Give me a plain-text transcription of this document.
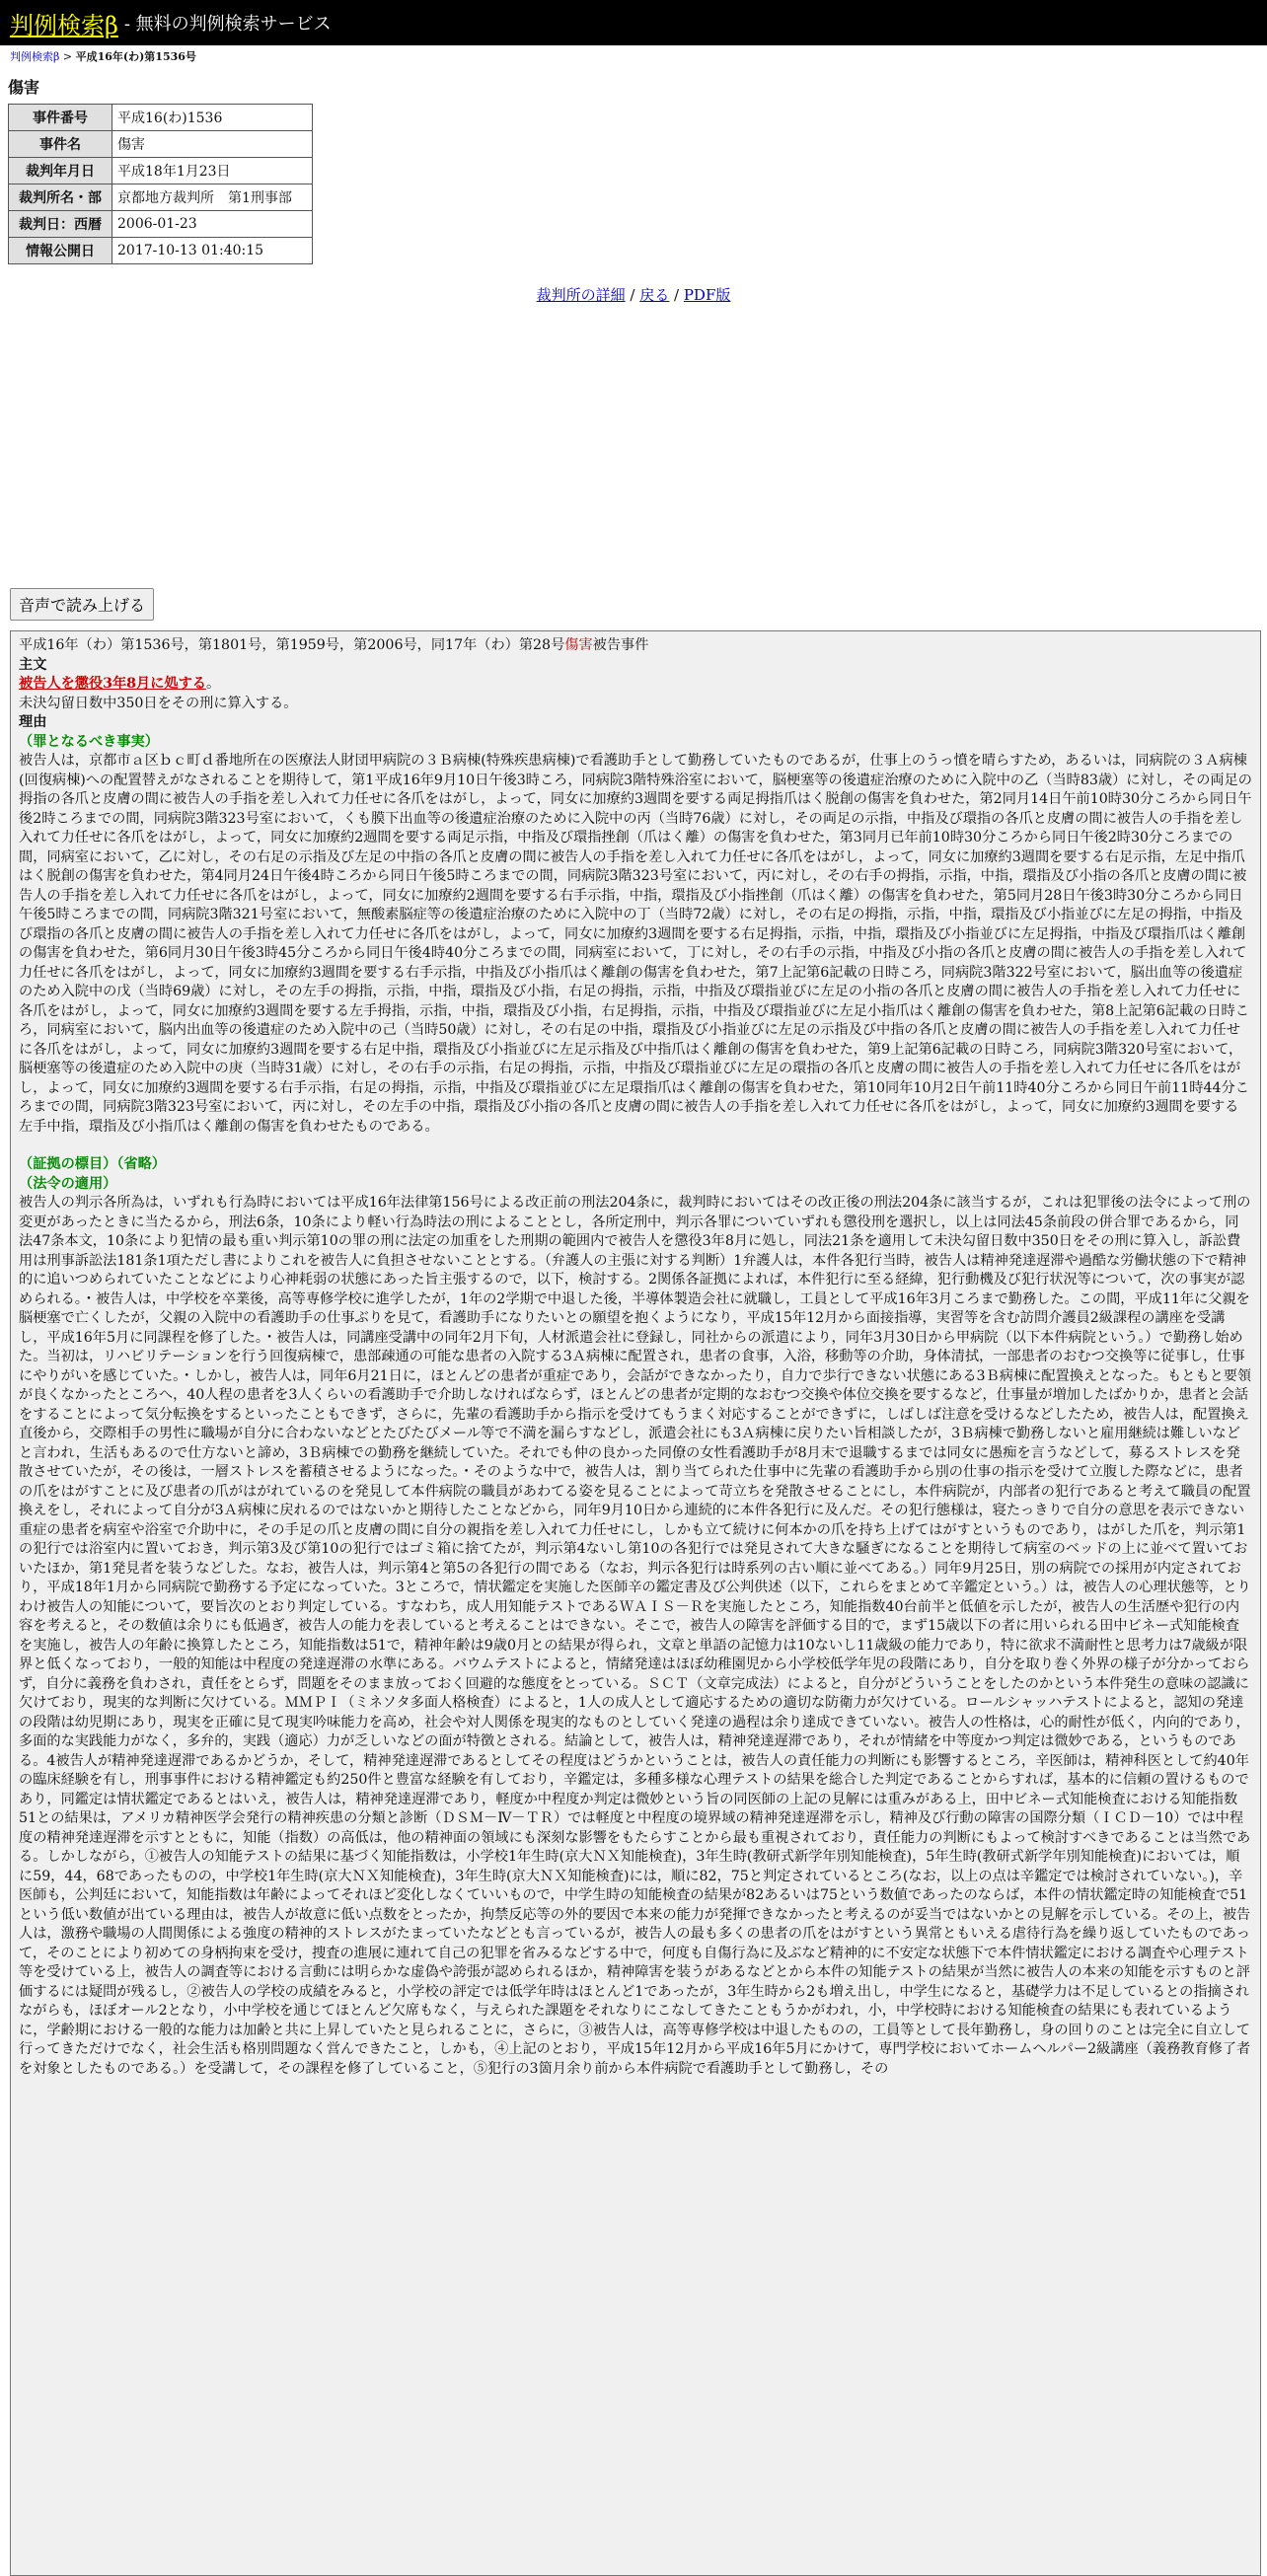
判例検索β - 無料の判例検索サービス
判例検索β > 平成16年(わ)第1536号
傷害
事件番号	平成16(わ)1536
事件名	傷害
裁判年月日	平成18年1月23日
裁判所名・部	京都地方裁判所　第1刑事部
裁判日：西暦	2006-01-23
情報公開日	2017-10-13 01:40:15
裁判所の詳細 / 戻る / PDF版
音声で読み上げる

平成16年（わ）第1536号，第1801号，第1959号，第2006号，同17年（わ）第28号傷害被告事件

主文

被告人を懲役3年8月に処する。

未決勾留日数中350日をその刑に算入する。

理由

（罪となるべき事実）

被告人は，京都市ａ区ｂｃ町ｄ番地所在の医療法人財団甲病院の３Ｂ病棟(特殊疾患病棟)で看護助手として勤務していたものであるが，仕事上のうっ憤を晴らすため，あるいは，同病院の３Ａ病棟(回復病棟)への配置替えがなされることを期待して，第1平成16年9月10日午後3時ころ，同病院3階特殊浴室において，脳梗塞等の後遺症治療のために入院中の乙（当時83歳）に対し，その両足の拇指の各爪と皮膚の間に被告人の手指を差し入れて力任せに各爪をはがし，よって，同女に加療約3週間を要する両足拇指爪はく脱創の傷害を負わせた，第2同月14日午前10時30分ころから同日午後2時ころまでの間，同病院3階323号室において，くも膜下出血等の後遺症治療のために入院中の丙（当時76歳）に対し，その両足の示指，中指及び環指の各爪と皮膚の間に被告人の手指を差し入れて力任せに各爪をはがし，よって，同女に加療約2週間を要する両足示指，中指及び環指挫創（爪はく離）の傷害を負わせた，第3同月已年前10時30分ころから同日午後2時30分ころまでの間，同病室において，乙に対し，その右足の示指及び左足の中指の各爪と皮膚の間に被告人の手指を差し入れて力任せに各爪をはがし，よって，同女に加療約3週間を要する右足示指，左足中指爪はく脱創の傷害を負わせた，第4同月24日午後4時ころから同日午後5時ころまでの間，同病院3階323号室において，丙に対し，その右手の拇指，示指，中指，環指及び小指の各爪と皮膚の間に被告人の手指を差し入れて力任せに各爪をはがし，よって，同女に加療約2週間を要する右手示指，中指，環指及び小指挫創（爪はく離）の傷害を負わせた，第5同月28日午後3時30分ころから同日午後5時ころまでの間，同病院3階321号室において，無酸素脳症等の後遺症治療のために入院中の丁（当時72歳）に対し，その右足の拇指，示指，中指，環指及び小指並びに左足の拇指，中指及び環指の各爪と皮膚の間に被告人の手指を差し入れて力任せに各爪をはがし，よって，同女に加療約3週間を要する右足拇指，示指，中指，環指及び小指並びに左足拇指，中指及び環指爪はく離創の傷害を負わせた，第6同月30日午後3時45分ころから同日午後4時40分ころまでの間，同病室において，丁に対し，その右手の示指，中指及び小指の各爪と皮膚の間に被告人の手指を差し入れて力任せに各爪をはがし，よって，同女に加療約3週間を要する右手示指，中指及び小指爪はく離創の傷害を負わせた，第7上記第6記載の日時ころ，同病院3階322号室において，脳出血等の後遺症のため入院中の戊（当時69歳）に対し，その左手の拇指，示指，中指，環指及び小指，右足の拇指，示指，中指及び環指並びに左足の小指の各爪と皮膚の間に被告人の手指を差し入れて力任せに各爪をはがし，よって，同女に加療約3週間を要する左手拇指，示指，中指，環指及び小指，右足拇指，示指，中指及び環指並びに左足小指爪はく離創の傷害を負わせた，第8上記第6記載の日時ころ，同病室において，脳内出血等の後遺症のため入院中の己（当時50歳）に対し，その右足の中指，環指及び小指並びに左足の示指及び中指の各爪と皮膚の間に被告人の手指を差し入れて力任せに各爪をはがし，よって，同女に加療約3週間を要する右足中指，環指及び小指並びに左足示指及び中指爪はく離創の傷害を負わせた，第9上記第6記載の日時ころ，同病院3階320号室において，脳梗塞等の後遺症のため入院中の庚（当時31歳）に対し，その右手の示指，右足の拇指，示指，中指及び環指並びに左足の環指の各爪と皮膚の間に被告人の手指を差し入れて力任せに各爪をはがし，よって，同女に加療約3週間を要する右手示指，右足の拇指，示指，中指及び環指並びに左足環指爪はく離創の傷害を負わせた，第10同年10月2日午前11時40分ころから同日午前11時44分ころまでの間，同病院3階323号室において，丙に対し，その左手の中指，環指及び小指の各爪と皮膚の間に被告人の手指を差し入れて力任せに各爪をはがし，よって，同女に加療約3週間を要する左手中指，環指及び小指爪はく離創の傷害を負わせたものである。

（証拠の標目）（省略）

（法令の適用）

被告人の判示各所為は，いずれも行為時においては平成16年法律第156号による改正前の刑法204条に，裁判時においてはその改正後の刑法204条に該当するが，これは犯罪後の法令によって刑の変更があったときに当たるから，刑法6条，10条により軽い行為時法の刑によることとし，各所定刑中，判示各罪についていずれも懲役刑を選択し，以上は同法45条前段の併合罪であるから，同法47条本文，10条により犯情の最も重い判示第10の罪の刑に法定の加重をした刑期の範囲内で被告人を懲役3年8月に処し，同法21条を適用して未決勾留日数中350日をその刑に算入し，訴訟費用は刑事訴訟法181条1項ただし書によりこれを被告人に負担させないこととする。（弁護人の主張に対する判断）1弁護人は，本件各犯行当時，被告人は精神発達遅滞や過酷な労働状態の下で精神的に追いつめられていたことなどにより心神耗弱の状態にあった旨主張するので，以下，検討する。2関係各証拠によれば，本件犯行に至る経緯，犯行動機及び犯行状況等について，次の事実が認められる。・被告人は，中学校を卒業後，高等専修学校に進学したが，1年の2学期で中退した後，半導体製造会社に就職し，工員として平成16年3月ころまで勤務した。この間，平成11年に父親を脳梗塞で亡くしたが，父親の入院中の看護助手の仕事ぶりを見て，看護助手になりたいとの願望を抱くようになり，平成15年12月から面接指導，実習等を含む訪問介護員2級課程の講座を受講し，平成16年5月に同課程を修了した。・被告人は，同講座受講中の同年2月下旬，人材派遣会社に登録し，同社からの派遣により，同年3月30日から甲病院（以下本件病院という。）で勤務し始めた。当初は，リハビリテーションを行う回復病棟で，患部疎通の可能な患者の入院する3Ａ病棟に配置され，患者の食事，入浴，移動等の介助，身体清拭，一部患者のおむつ交換等に従事し，仕事にやりがいを感じていた。・しかし，被告人は，同年6月21日に，ほとんどの患者が重症であり，会話ができなかったり，自力で歩行できない状態にある3Ｂ病棟に配置換えとなった。もともと要領が良くなかったところへ，40人程の患者を3人くらいの看護助手で介助しなければならず，ほとんどの患者が定期的なおむつ交換や体位交換を要するなど，仕事量が増加したばかりか，患者と会話をすることによって気分転換をするといったこともできず，さらに，先輩の看護助手から指示を受けてもうまく対応することができずに，しばしば注意を受けるなどしたため，被告人は，配置換え直後から，交際相手の男性に職場が自分に合わないなどとたびたびメール等で不満を漏らすなどし，派遣会社にも3Ａ病棟に戻りたい旨相談したが，3Ｂ病棟で勤務しないと雇用継続は難しいなどと言われ，生活もあるので仕方ないと諦め，3Ｂ病棟での勤務を継続していた。それでも仲の良かった同僚の女性看護助手が8月末で退職するまでは同女に愚痴を言うなどして，募るストレスを発散させていたが，その後は，一層ストレスを蓄積させるようになった。・そのような中で，被告人は，割り当てられた仕事中に先輩の看護助手から別の仕事の指示を受けて立腹した際などに，患者の爪をはがすことに及び患者の爪がはがれているのを発見して本件病院の職員があわてる姿を見ることによって苛立ちを発散させることにし，本件病院が，内部者の犯行であると考えて職員の配置換えをし，それによって自分が3Ａ病棟に戻れるのではないかと期待したことなどから，同年9月10日から連続的に本件各犯行に及んだ。その犯行態様は，寝たっきりで自分の意思を表示できない重症の患者を病室や浴室で介助中に，その手足の爪と皮膚の間に自分の親指を差し入れて力任せにし，しかも立て続けに何本かの爪を持ち上げてはがすというものであり，はがした爪を，判示第1の犯行では浴室内に置いておき，判示第3及び第10の犯行ではゴミ箱に捨てたが，判示第4ないし第10の各犯行では発見されて大きな騒ぎになることを期待して病室のベッドの上に並べて置いておいたほか，第1発見者を装うなどした。なお，被告人は，判示第4と第5の各犯行の間である（なお，判示各犯行は時系列の古い順に並べてある。）同年9月25日，別の病院での採用が内定されており，平成18年1月から同病院で勤務する予定になっていた。3ところで，情状鑑定を実施した医師辛の鑑定書及び公判供述（以下，これらをまとめて辛鑑定という。）は，被告人の心理状態等，とりわけ被告人の知能について，要旨次のとおり判定している。すなわち，成人用知能テストであるＷＡＩＳ－Ｒを実施したところ，知能指数40台前半と低値を示したが，被告人の生活歴や犯行の内容を考えると，その数値は余りにも低過ぎ，被告人の能力を表していると考えることはできない。そこで，被告人の障害を評価する目的で，まず15歳以下の者に用いられる田中ビネー式知能検査を実施し，被告人の年齢に換算したところ，知能指数は51で，精神年齢は9歳0月との結果が得られ，文章と単語の記憶力は10ないし11歳級の能力であり，特に欲求不満耐性と思考力は7歳級が限界と低くなっており，一般的知能は中程度の発達遅滞の水準にある。バウムテストによると，情緒発達はほぼ幼稚園児から小学校低学年児の段階にあり，自分を取り巻く外界の様子が分かっておらず，自分に義務を負わされ，責任をとらず，問題をそのまま放っておく回避的な態度をとっている。ＳＣＴ（文章完成法）によると，自分がどういうことをしたのかという本件発生の意味の認識に欠けており，現実的な判断に欠けている。ＭＭＰＩ（ミネソタ多面人格検査）によると，1人の成人として適応するための適切な防衛力が欠けている。ロールシャッハテストによると，認知の発達の段階は幼児期にあり，現実を正確に見て現実吟味能力を高め，社会や対人関係を現実的なものとしていく発達の過程は余り達成できていない。被告人の性格は，心的耐性が低く，内向的であり，多面的な実践能力がなく，多弁的，実践（適応）力が乏しいなどの面が特徴とされる。結論として，被告人は，精神発達遅滞であり，それが情緒を中等度かつ判定は微妙である，というものである。4被告人が精神発達遅滞であるかどうか，そして，精神発達遅滞であるとしてその程度はどうかということは，被告人の責任能力の判断にも影響するところ，辛医師は，精神科医として約40年の臨床経験を有し，刑事事件における精神鑑定も約250件と豊富な経験を有しており，辛鑑定は，多種多様な心理テストの結果を総合した判定であることからすれば，基本的に信頼の置けるものであり，同鑑定は情状鑑定であるとはいえ，被告人は，精神発達遅滞であり，軽度か中程度か判定は微妙という旨の同医師の上記の見解には重みがある上，田中ビネー式知能検査における知能指数51との結果は，アメリカ精神医学会発行の精神疾患の分類と診断（ＤＳＭ－Ⅳ－ＴＲ）では軽度と中程度の境界域の精神発達遅滞を示し，精神及び行動の障害の国際分類（ＩＣＤ－10）では中程度の精神発達遅滞を示すとともに，知能（指数）の高低は，他の精神面の領域にも深刻な影響をもたらすことから最も重視されており，責任能力の判断にもよって検討すべきであることは当然である。しかしながら，①被告人の知能テストの結果に基づく知能指数は，小学校1年生時(京大ＮＸ知能検査)，3年生時(教研式新学年別知能検査)，5年生時(教研式新学年別知能検査)においては，順に59，44，68であったものの，中学校1年生時(京大ＮＸ知能検査)，3年生時(京大ＮＸ知能検査)には，順に82，75と判定されているところ(なお，以上の点は辛鑑定では検討されていない。)，辛医師も，公判廷において，知能指数は年齢によってそれほど変化しなくていいもので，中学生時の知能検査の結果が82あるいは75という数値であったのならば，本件の情状鑑定時の知能検査で51という低い数値が出ている理由は，被告人が故意に低い点数をとったか，拘禁反応等の外的要因で本来の能力が発揮できなかったと考えるのが妥当ではないかとの見解を示している。その上，被告人は，激務や職場の人間関係による強度の精神的ストレスがたまっていたなどとも言っているが，被告人の最も多くの患者の爪をはがすという異常ともいえる虐待行為を繰り返していたものであって，そのことにより初めての身柄拘束を受け，捜査の進展に連れて自己の犯罪を省みるなどする中で，何度も自傷行為に及ぶなど精神的に不安定な状態下で本件情状鑑定における調査や心理テスト等を受けている上，被告人の調査等における言動には明らかな虚偽や誇張が認められるほか，精神障害を装うがあるなどとから本件の知能テストの結果が当然に被告人の本来の知能を示すものと評価するには疑問が残るし，②被告人の学校の成績をみると，小学校の評定では低学年時はほとんど1であったが，3年生時から2も増え出し，中学生になると，基礎学力は不足しているとの指摘されながらも，ほぼオール2となり，小中学校を通じてほとんど欠席もなく，与えられた課題をそれなりにこなしてきたこともうかがわれ，小，中学校時における知能検査の結果にも表れているように，学齢期における一般的な能力は加齢と共に上昇していたと見られることに，さらに，③被告人は，高等専修学校は中退したものの，工員等として長年勤務し，身の回りのことは完全に自立して行ってきただけでなく，社会生活も格別問題なく営んできたこと，しかも，④上記のとおり，平成15年12月から平成16年5月にかけて，専門学校においてホームヘルパー2級講座（義務教育修了者を対象としたものである。）を受講して，その課程を修了していること，⑤犯行の3箇月余り前から本件病院で看護助手として勤務し，その
